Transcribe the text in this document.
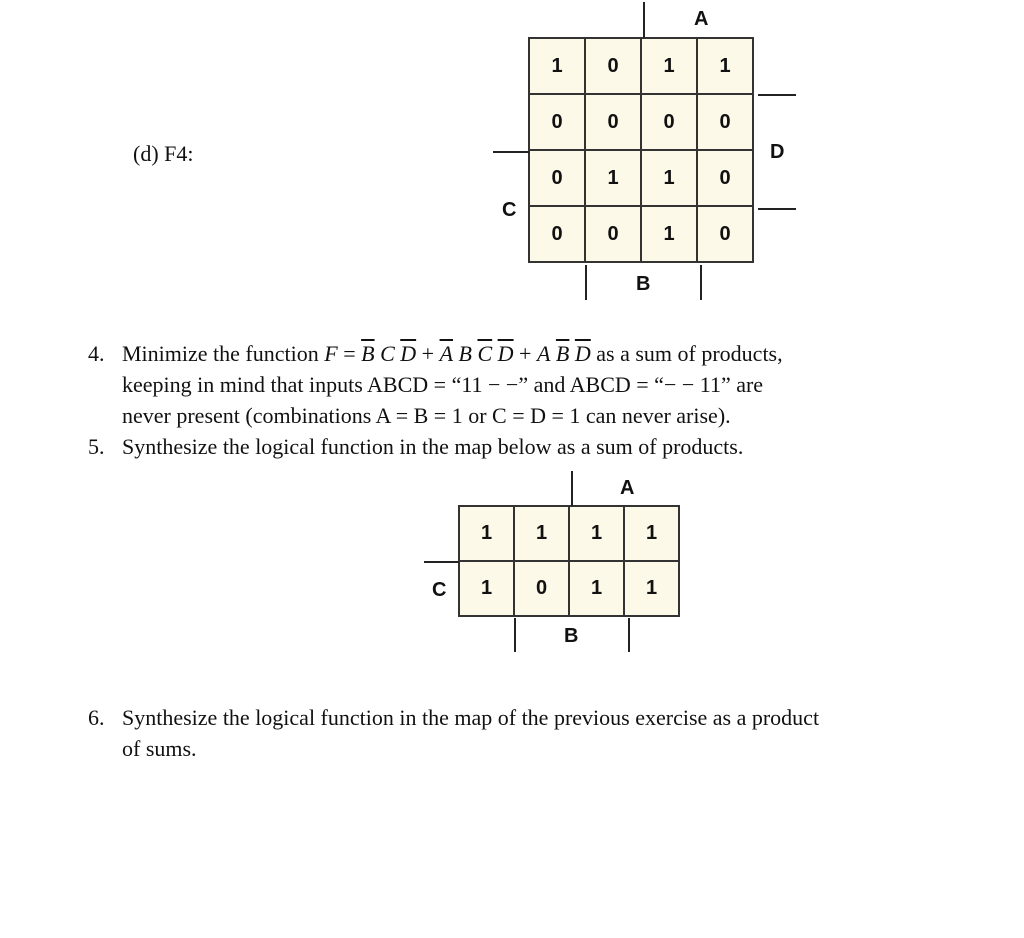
(d) F4:
1	0	1	1
0	0	0	0
0	1	1	0
0	0	1	0
A
D
C
B
4. Minimize the function $F = \overline{B}$ C $\overline{D} + \overline{A}$ B $\overline{C}$ $\overline{D} + A$ $\overline{B}$ $\overline{D}$ as a sum of products,
keeping in mind that inputs ABCD = “11 − −” and ABCD = “− − 11” are
never present (combinations A = B = 1 or C = D = 1 can never arise).
5. Synthesize the logical function in the map below as a sum of products.
1	1	1	1
1	0	1	1
A
C
B
6. Synthesize the logical function in the map of the previous exercise as a product
of sums.
